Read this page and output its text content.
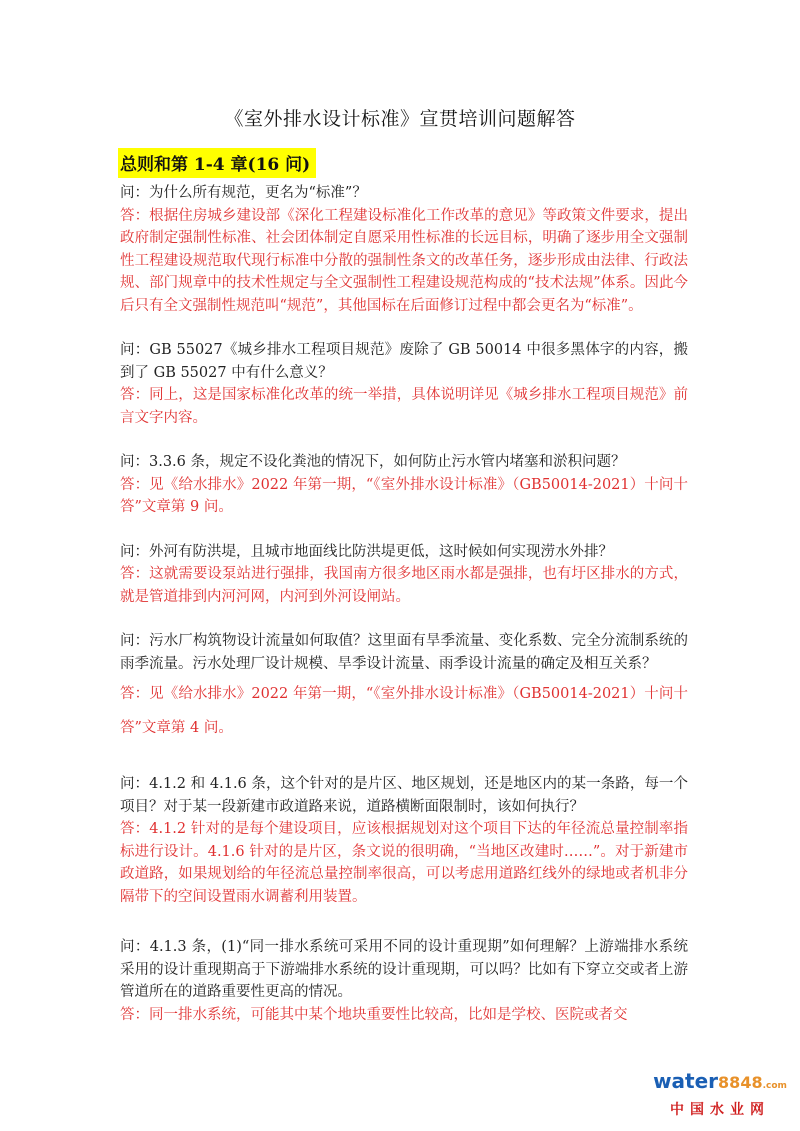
《室外排水设计标准》宣贯培训问题解答
总则和第 1-4 章(16 问)

问：为什么所有规范，更名为“标准”？

答：根据住房城乡建设部《深化工程建设标准化工作改革的意见》等政策文件要求，提出政府制定强制性标准、社会团体制定自愿采用性标准的长远目标，明确了逐步用全文强制性工程建设规范取代现行标准中分散的强制性条文的改革任务，逐步形成由法律、行政法规、部门规章中的技术性规定与全文强制性工程建设规范构成的“技术法规”体系。因此今后只有全文强制性规范叫“规范”，其他国标在后面修订过程中都会更名为“标准”。

问：GB 55027《城乡排水工程项目规范》废除了 GB 50014 中很多黑体字的内容，搬到了 GB 55027 中有什么意义？

答：同上，这是国家标准化改革的统一举措，具体说明详见《城乡排水工程项目规范》前言文字内容。

问：3.3.6 条，规定不设化粪池的情况下，如何防止污水管内堵塞和淤积问题？

答：见《给水排水》2022 年第一期，“《室外排水设计标准》（GB50014-2021）十问十答”文章第 9 问。

问：外河有防洪堤，且城市地面线比防洪堤更低，这时候如何实现涝水外排？

答：这就需要设泵站进行强排，我国南方很多地区雨水都是强排，也有圩区排水的方式，就是管道排到内河河网，内河到外河设闸站。

问：污水厂构筑物设计流量如何取值？这里面有旱季流量、变化系数、完全分流制系统的雨季流量。污水处理厂设计规模、旱季设计流量、雨季设计流量的确定及相互关系？

答：见《给水排水》2022 年第一期，“《室外排水设计标准》（GB50014-2021）十问十答”文章第 4 问。

问：4.1.2 和 4.1.6 条，这个针对的是片区、地区规划，还是地区内的某一条路，每一个项目？对于某一段新建市政道路来说，道路横断面限制时，该如何执行？

答：4.1.2 针对的是每个建设项目，应该根据规划对这个项目下达的年径流总量控制率指标进行设计。4.1.6 针对的是片区，条文说的很明确，“当地区改建时……”。对于新建市政道路，如果规划给的年径流总量控制率很高，可以考虑用道路红线外的绿地或者机非分隔带下的空间设置雨水调蓄利用装置。

问：4.1.3 条，(1)“同一排水系统可采用不同的设计重现期”如何理解？上游端排水系统采用的设计重现期高于下游端排水系统的设计重现期，可以吗？比如有下穿立交或者上游管道所在的道路重要性更高的情况。

答：同一排水系统，可能其中某个地块重要性比较高，比如是学校、医院或者交

water8848.com
中国水业网
